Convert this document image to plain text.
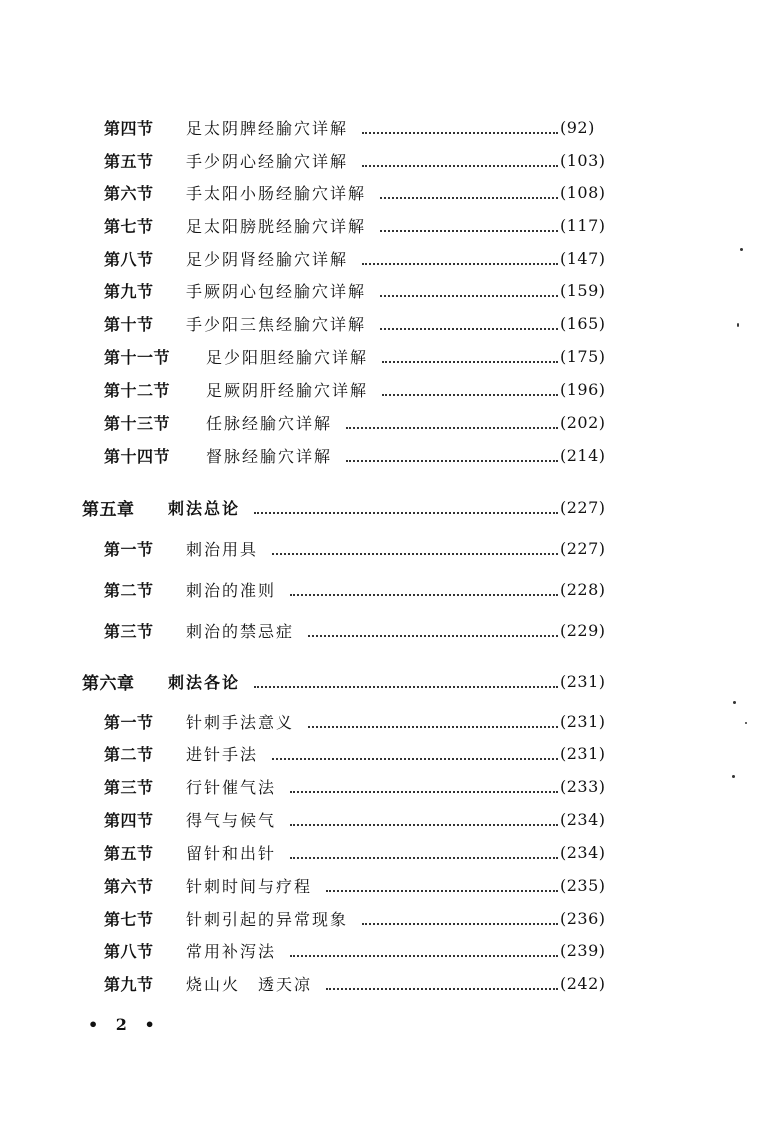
第四节 足太阴脾经腧穴详解	(92)
第五节 手少阴心经腧穴详解	(103)
第六节 手太阳小肠经腧穴详解	(108)
第七节 足太阳膀胱经腧穴详解	(117)
第八节 足少阴肾经腧穴详解	(147)
第九节 手厥阴心包经腧穴详解	(159)
第十节 手少阳三焦经腧穴详解	(165)
第十一节 足少阳胆经腧穴详解	(175)
第十二节 足厥阴肝经腧穴详解	(196)
第十三节 任脉经腧穴详解	(202)
第十四节 督脉经腧穴详解	(214)
第五章 刺法总论	(227)
第一节 刺治用具	(227)
第二节 刺治的准则	(228)
第三节 刺治的禁忌症	(229)
第六章 刺法各论	(231)
第一节 针刺手法意义	(231)
第二节 进针手法	(231)
第三节 行针催气法	(233)
第四节 得气与候气	(234)
第五节 留针和出针	(234)
第六节 针刺时间与疗程	(235)
第七节 针刺引起的异常现象	(236)
第八节 常用补泻法	(239)
第九节 烧山火　透天凉	(242)
• 2 •
